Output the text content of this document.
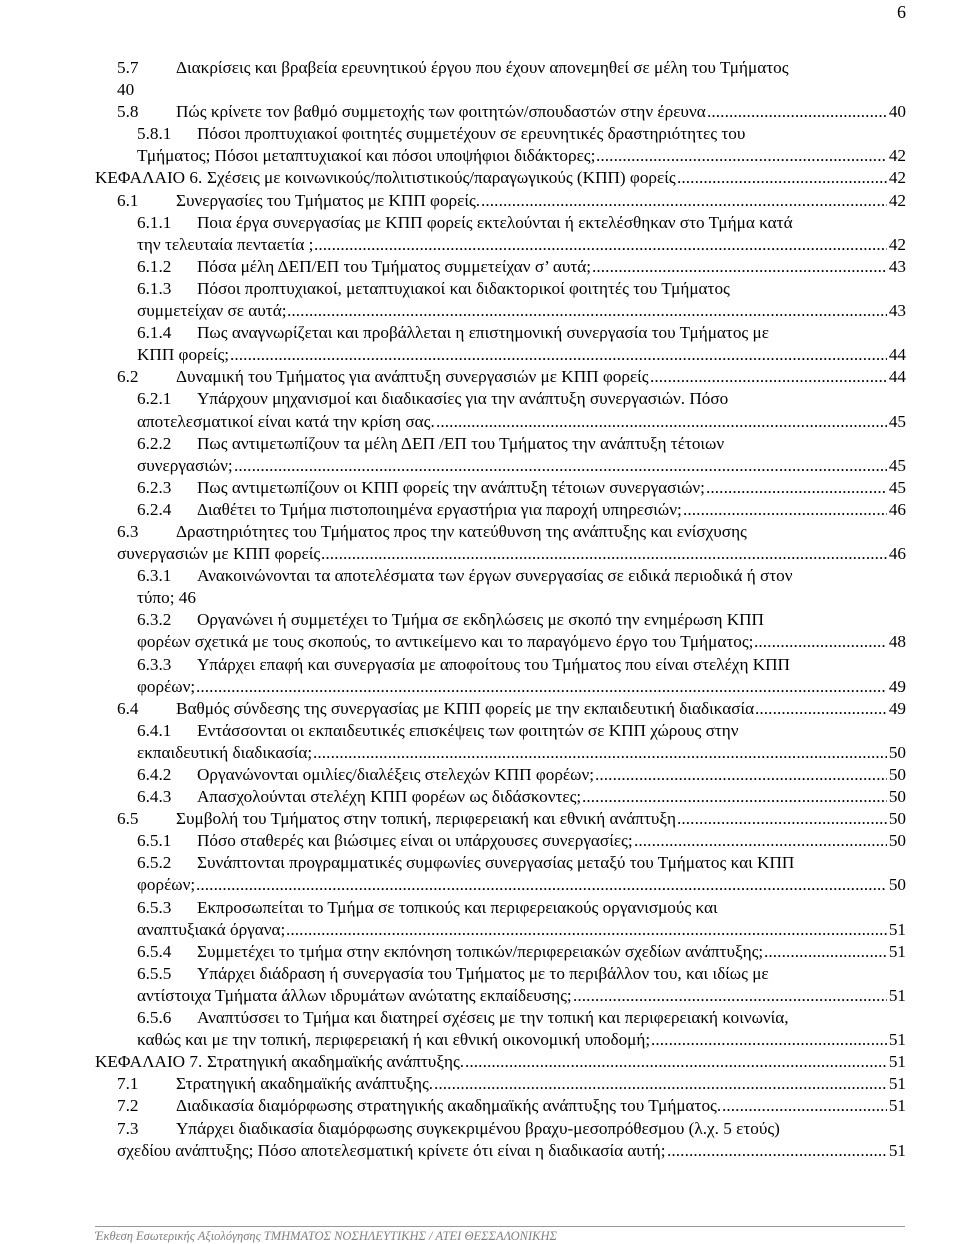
6
5.7 Διακρίσεις και βραβεία ερευνητικού έργου που έχουν απονεμηθεί σε μέλη του Τμήματος
40
5.8 Πώς κρίνετε τον βαθμό συμμετοχής των φοιτητών/σπουδαστών στην έρευνα . . .	40
5.8.1 Πόσοι προπτυχιακοί φοιτητές συμμετέχουν σε ερευνητικές δραστηριότητες του
Τμήματος; Πόσοι μεταπτυχιακοί και πόσοι υποψήφιοι διδάκτορες; . . .	42
ΚΕΦΑΛΑΙΟ 6. Σχέσεις με κοινωνικούς/πολιτιστικούς/παραγωγικούς (ΚΠΠ) φορείς . . .	42
6.1 Συνεργασίες του Τμήματος με ΚΠΠ φορείς. . . .	42
6.1.1 Ποια έργα συνεργασίας με ΚΠΠ φορείς εκτελούνται ή εκτελέσθηκαν στο Τμήμα κατά
την τελευταία πενταετία ; . . .	42
6.1.2 Πόσα μέλη ΔΕΠ/ΕΠ του Τμήματος συμμετείχαν σ’ αυτά; . . .	43
6.1.3 Πόσοι προπτυχιακοί, μεταπτυχιακοί και διδακτορικοί φοιτητές του Τμήματος
συμμετείχαν σε αυτά; . . .	43
6.1.4 Πως αναγνωρίζεται και προβάλλεται η επιστημονική συνεργασία του Τμήματος με
ΚΠΠ φορείς; . . .	44
6.2 Δυναμική του Τμήματος για ανάπτυξη συνεργασιών με ΚΠΠ φορείς . . .	44
6.2.1 Υπάρχουν μηχανισμοί και διαδικασίες για την ανάπτυξη συνεργασιών. Πόσο
αποτελεσματικοί είναι κατά την κρίση σας. . . .	45
6.2.2 Πως αντιμετωπίζουν τα μέλη ΔΕΠ /ΕΠ του Τμήματος την ανάπτυξη τέτοιων
συνεργασιών; . . .	45
6.2.3 Πως αντιμετωπίζουν οι ΚΠΠ φορείς την ανάπτυξη τέτοιων συνεργασιών; . . .	45
6.2.4 Διαθέτει το Τμήμα πιστοποιημένα εργαστήρια για παροχή υπηρεσιών; . . .	46
6.3 Δραστηριότητες του Τμήματος προς την κατεύθυνση της ανάπτυξης και ενίσχυσης
συνεργασιών με ΚΠΠ φορείς . . .	46
6.3.1 Ανακοινώνονται τα αποτελέσματα των έργων συνεργασίας σε ειδικά περιοδικά ή στον
τύπο; 46
6.3.2 Οργανώνει ή συμμετέχει το Τμήμα σε εκδηλώσεις με σκοπό την ενημέρωση ΚΠΠ
φορέων σχετικά με τους σκοπούς, το αντικείμενο και το παραγόμενο έργο του Τμήματος; . . .	48
6.3.3 Υπάρχει επαφή και συνεργασία με αποφοίτους του Τμήματος που είναι στελέχη ΚΠΠ
φορέων; . . .	49
6.4 Βαθμός σύνδεσης της συνεργασίας με ΚΠΠ φορείς με την εκπαιδευτική διαδικασία . . .	49
6.4.1 Εντάσσονται οι εκπαιδευτικές επισκέψεις των φοιτητών σε ΚΠΠ χώρους στην
εκπαιδευτική διαδικασία; . . .	50
6.4.2 Οργανώνονται ομιλίες/διαλέξεις στελεχών ΚΠΠ φορέων; . . .	50
6.4.3 Απασχολούνται στελέχη ΚΠΠ φορέων ως διδάσκοντες; . . .	50
6.5 Συμβολή του Τμήματος στην τοπική, περιφερειακή και εθνική ανάπτυξη . . .	50
6.5.1 Πόσο σταθερές και βιώσιμες είναι οι υπάρχουσες συνεργασίες; . . .	50
6.5.2 Συνάπτονται προγραμματικές συμφωνίες συνεργασίας μεταξύ του Τμήματος και ΚΠΠ
φορέων; . . .	50
6.5.3 Εκπροσωπείται το Τμήμα σε τοπικούς και περιφερειακούς οργανισμούς και
αναπτυξιακά όργανα; . . .	51
6.5.4 Συμμετέχει το τμήμα στην εκπόνηση τοπικών/περιφερειακών σχεδίων ανάπτυξης; . . .	51
6.5.5 Υπάρχει διάδραση ή συνεργασία του Τμήματος με το περιβάλλον του, και ιδίως με
αντίστοιχα Τμήματα άλλων ιδρυμάτων ανώτατης εκπαίδευσης; . . .	51
6.5.6 Αναπτύσσει το Τμήμα και διατηρεί σχέσεις με την τοπική και περιφερειακή κοινωνία,
καθώς και με την τοπική, περιφερειακή ή και εθνική οικονομική υποδομή; . . .	51
ΚΕΦΑΛΑΙΟ 7. Στρατηγική ακαδημαϊκής ανάπτυξης. . . .	51
7.1 Στρατηγική ακαδημαϊκής ανάπτυξης. . . .	51
7.2 Διαδικασία διαμόρφωσης στρατηγικής ακαδημαϊκής ανάπτυξης του Τμήματος. . . .	51
7.3 Υπάρχει διαδικασία διαμόρφωσης συγκεκριμένου βραχυ-μεσοπρόθεσμου (λ.χ. 5 ετούς)
σχεδίου ανάπτυξης; Πόσο αποτελεσματική κρίνετε ότι είναι η διαδικασία αυτή; . . .	51
Έκθεση Εσωτερικής Αξιολόγησης ΤΜΗΜΑΤΟΣ ΝΟΣΗΛΕΥΤΙΚΗΣ / ΑΤΕΙ ΘΕΣΣΑΛΟΝΙΚΗΣ
